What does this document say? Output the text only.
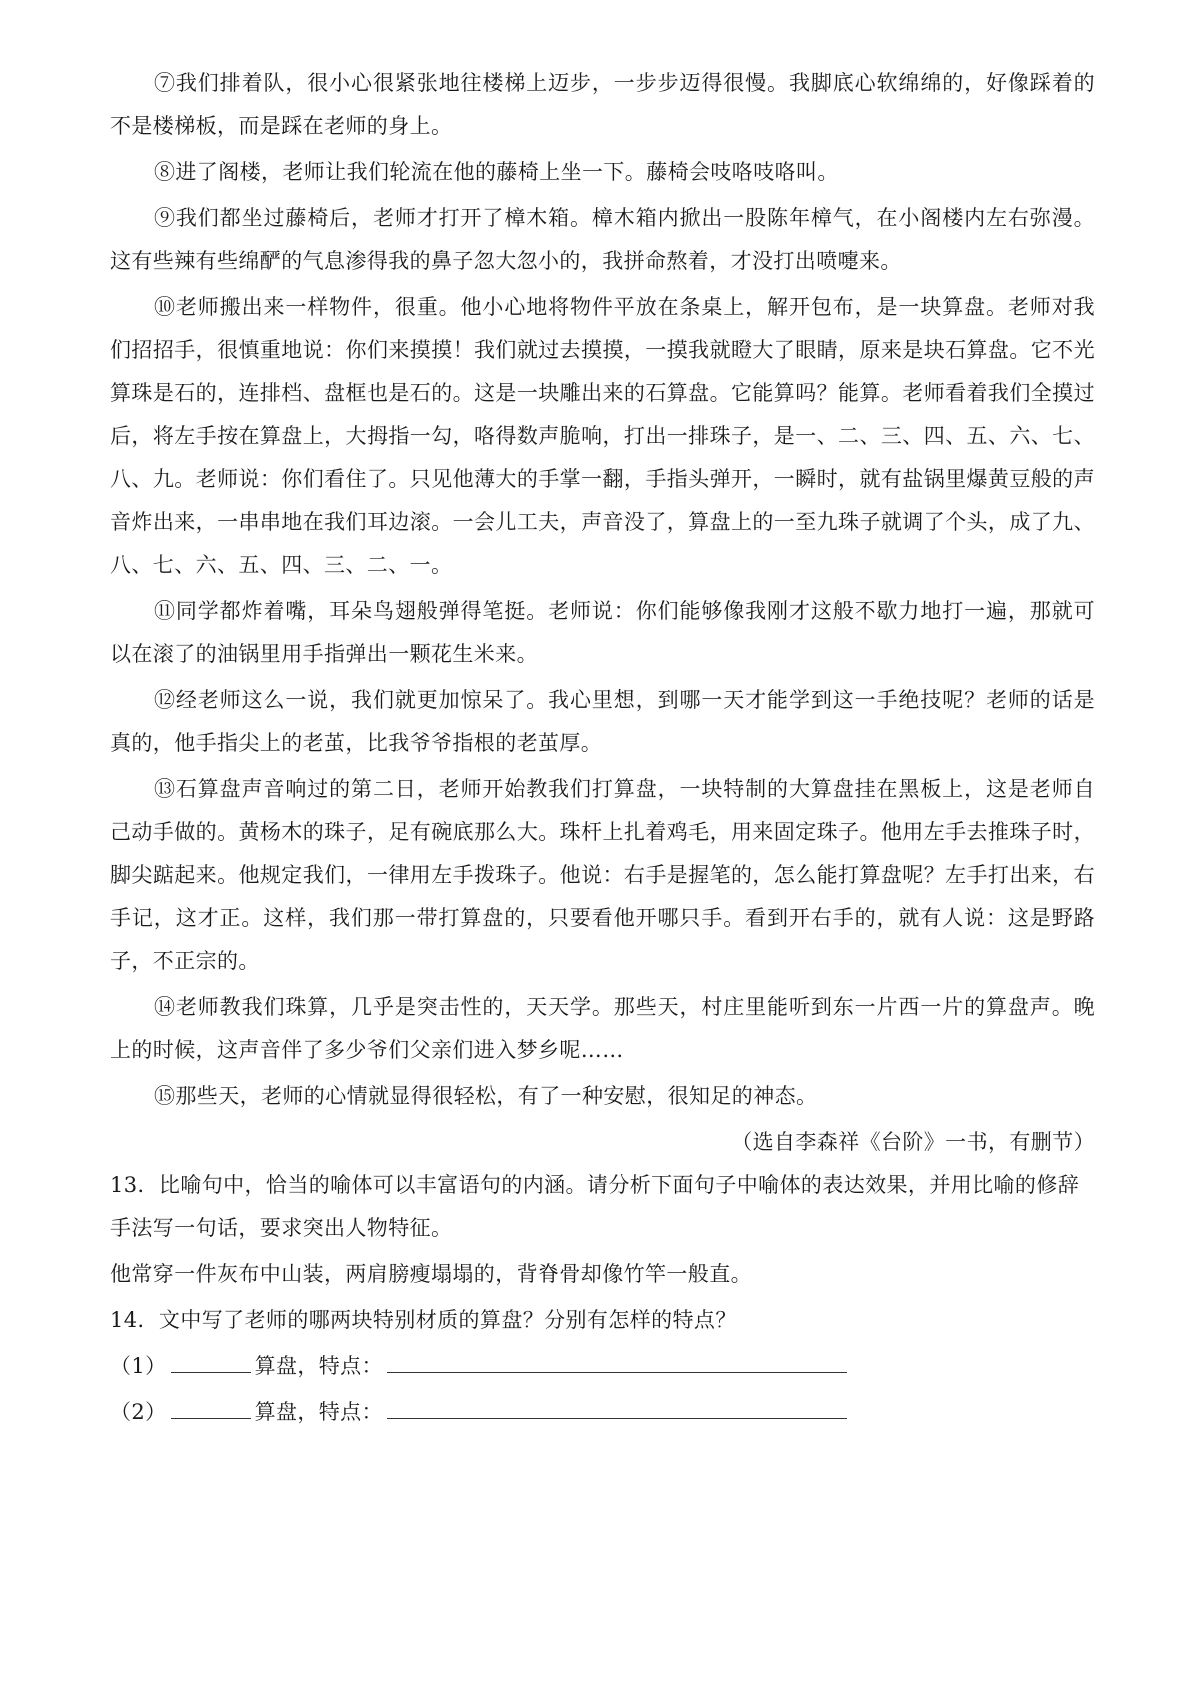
⑦我们排着队，很小心很紧张地往楼梯上迈步，一步步迈得很慢。我脚底心软绵绵的，好像踩着的不是楼梯板，而是踩在老师的身上。

⑧进了阁楼，老师让我们轮流在他的藤椅上坐一下。藤椅会吱咯吱咯叫。

⑨我们都坐过藤椅后，老师才打开了樟木箱。樟木箱内掀出一股陈年樟气，在小阁楼内左右弥漫。这有些辣有些绵酽的气息渗得我的鼻子忽大忽小的，我拼命熬着，才没打出喷嚏来。

⑩老师搬出来一样物件，很重。他小心地将物件平放在条桌上，解开包布，是一块算盘。老师对我们招招手，很慎重地说：你们来摸摸！我们就过去摸摸，一摸我就瞪大了眼睛，原来是块石算盘。它不光算珠是石的，连排档、盘框也是石的。这是一块雕出来的石算盘。它能算吗？能算。老师看着我们全摸过后，将左手按在算盘上，大拇指一勾，咯得数声脆响，打出一排珠子，是一、二、三、四、五、六、七、八、九。老师说：你们看住了。只见他薄大的手掌一翻，手指头弹开，一瞬时，就有盐锅里爆黄豆般的声音炸出来，一串串地在我们耳边滚。一会儿工夫，声音没了，算盘上的一至九珠子就调了个头，成了九、八、七、六、五、四、三、二、一。

⑪同学都炸着嘴，耳朵鸟翅般弹得笔挺。老师说：你们能够像我刚才这般不歇力地打一遍，那就可以在滚了的油锅里用手指弹出一颗花生米来。

⑫经老师这么一说，我们就更加惊呆了。我心里想，到哪一天才能学到这一手绝技呢？老师的话是真的，他手指尖上的老茧，比我爷爷指根的老茧厚。

⑬石算盘声音响过的第二日，老师开始教我们打算盘，一块特制的大算盘挂在黑板上，这是老师自己动手做的。黄杨木的珠子，足有碗底那么大。珠杆上扎着鸡毛，用来固定珠子。他用左手去推珠子时，脚尖踮起来。他规定我们，一律用左手拨珠子。他说：右手是握笔的，怎么能打算盘呢？左手打出来，右手记，这才正。这样，我们那一带打算盘的，只要看他开哪只手。看到开右手的，就有人说：这是野路子，不正宗的。

⑭老师教我们珠算，几乎是突击性的，天天学。那些天，村庄里能听到东一片西一片的算盘声。晚上的时候，这声音伴了多少爷们父亲们进入梦乡呢……

⑮那些天，老师的心情就显得很轻松，有了一种安慰，很知足的神态。

（选自李森祥《台阶》一书，有删节）

13．比喻句中，恰当的喻体可以丰富语句的内涵。请分析下面句子中喻体的表达效果，并用比喻的修辞手法写一句话，要求突出人物特征。

他常穿一件灰布中山装，两肩膀瘦塌塌的，背脊骨却像竹竿一般直。

14．文中写了老师的哪两块特别材质的算盘？分别有怎样的特点？

（1）	算盘，特点：
（2）	算盘，特点：
